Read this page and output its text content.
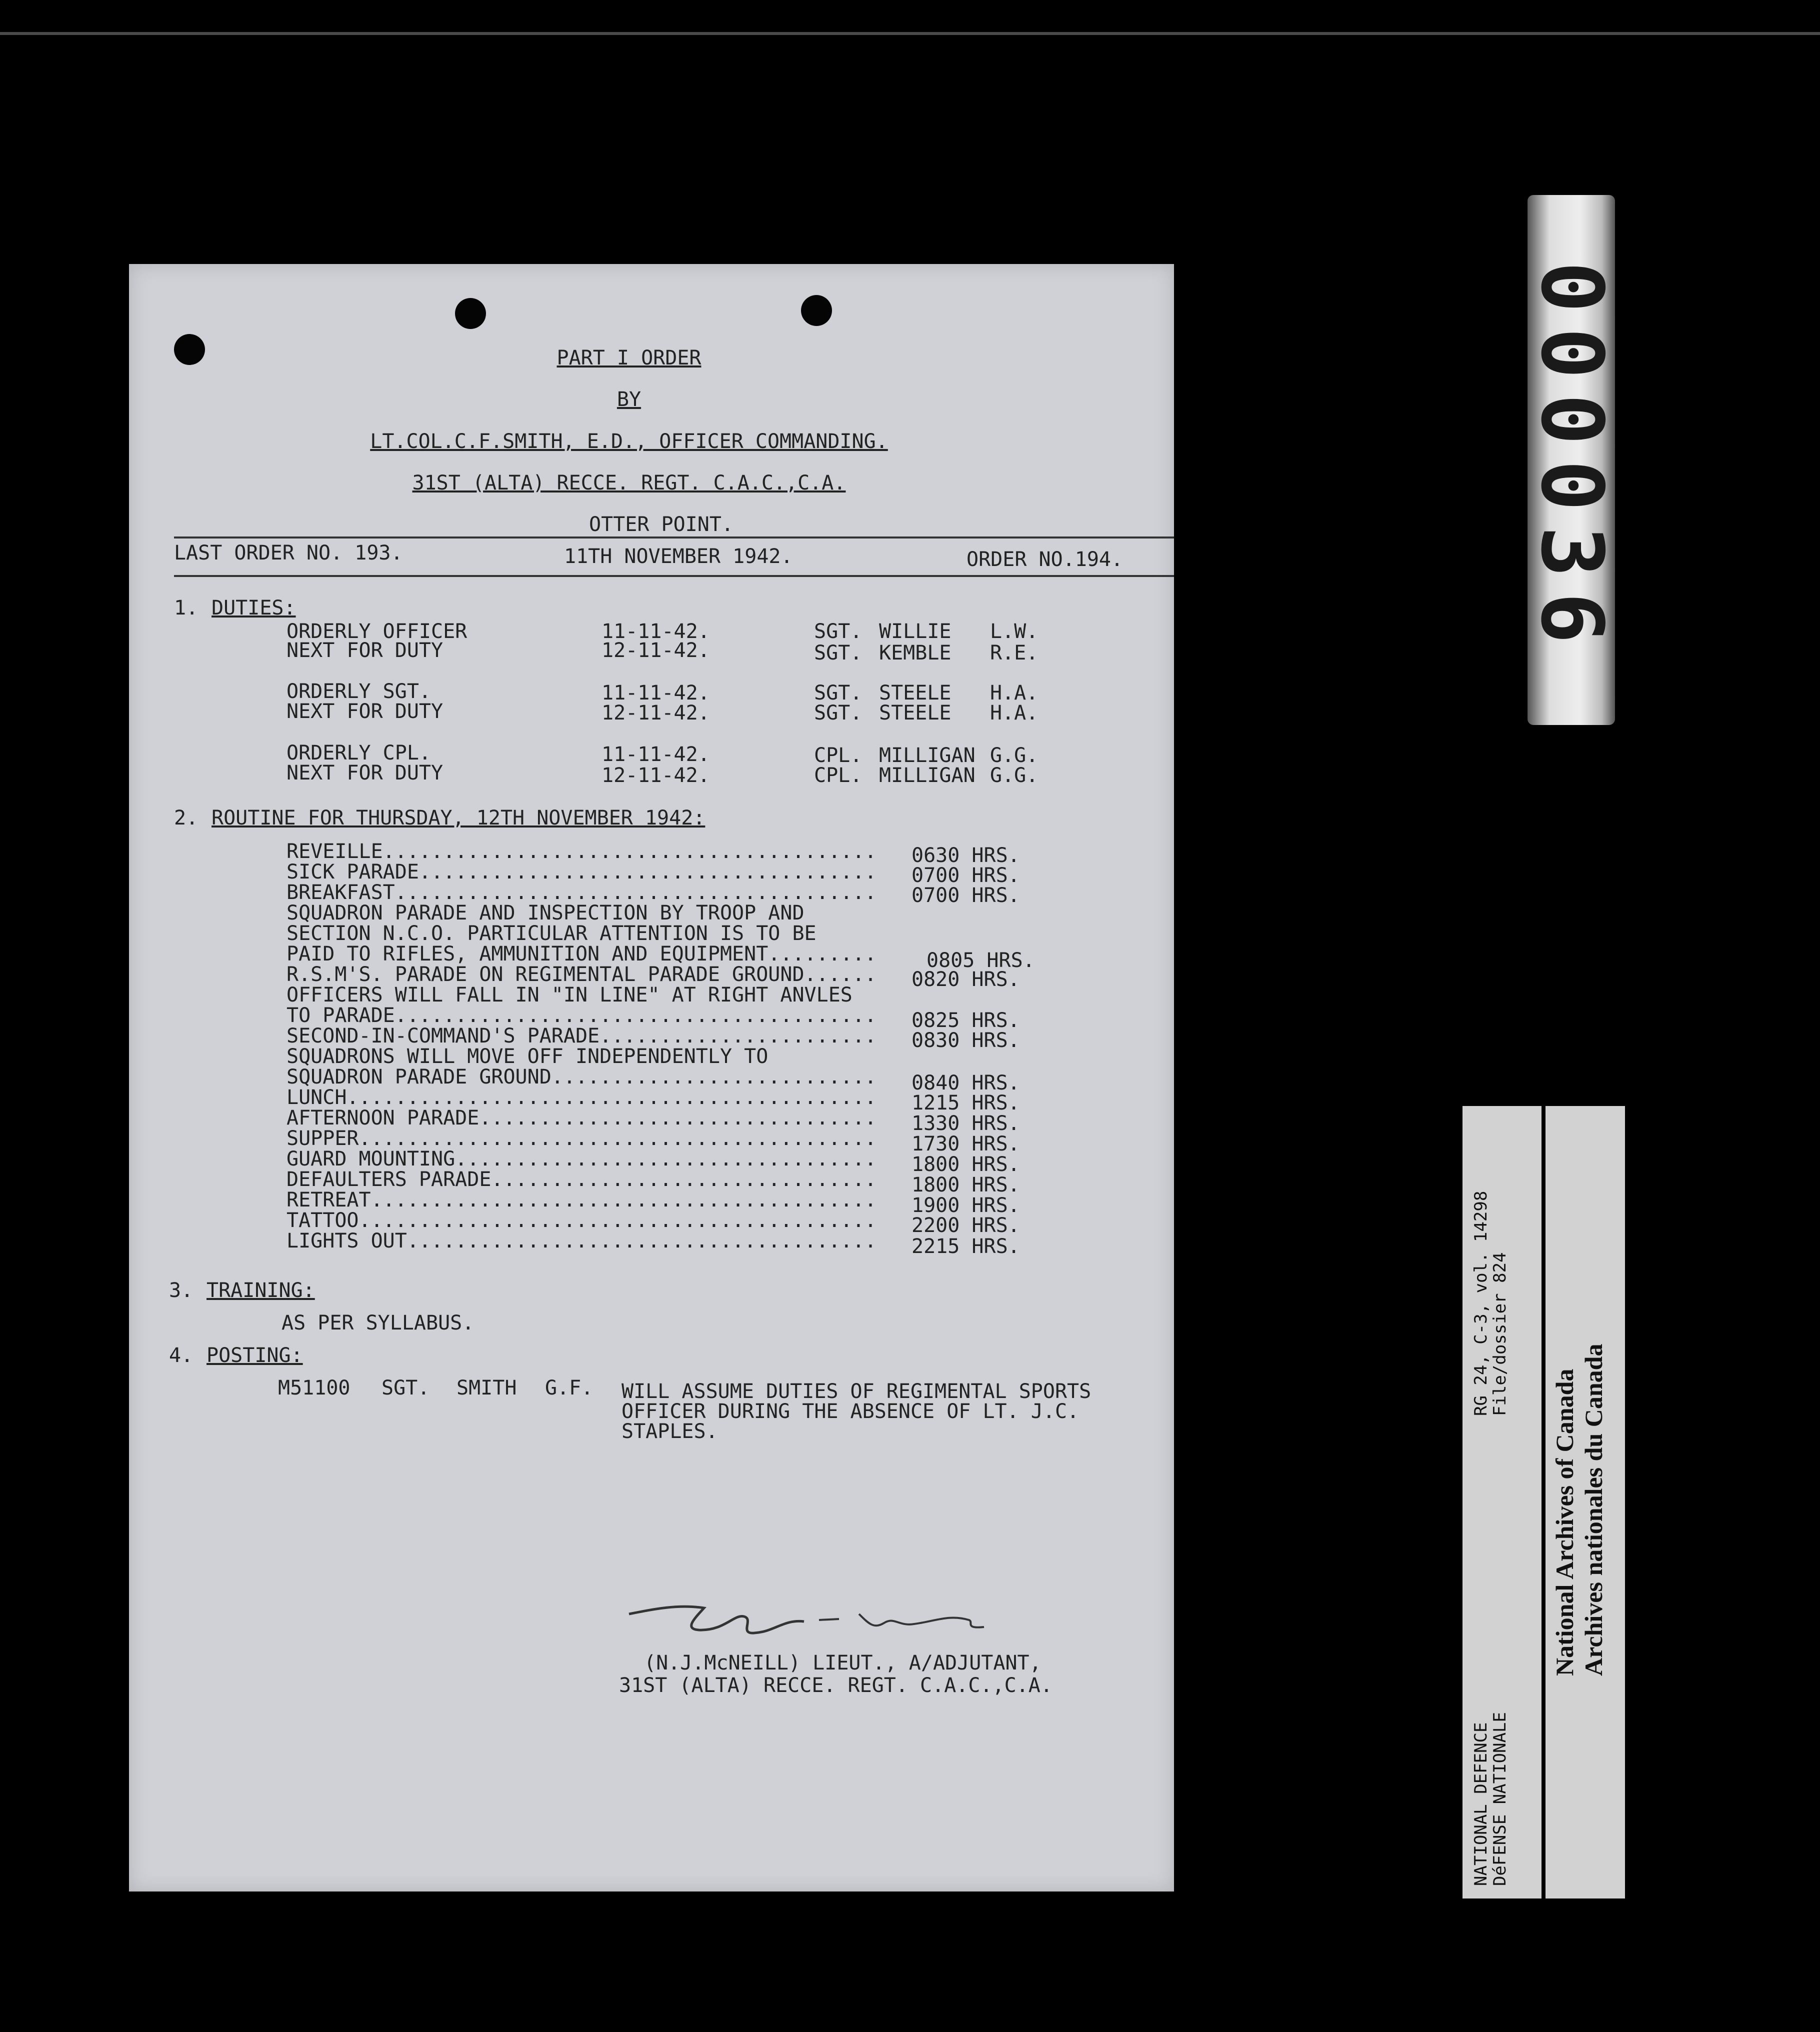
PART I ORDER
BY
LT.COL.C.F.SMITH, E.D., OFFICER COMMANDING.
31ST (ALTA) RECCE. REGT. C.A.C.,C.A.
OTTER POINT.
LAST ORDER NO. 193.	11TH NOVEMBER 1942.	ORDER NO.194.
1. DUTIES:
ORDERLY OFFICER	11-11-42.	SGT. WILLIE L.W.
NEXT FOR DUTY	12-11-42.	SGT. KEMBLE R.E.
ORDERLY SGT.	11-11-42.	SGT. STEELE H.A.
NEXT FOR DUTY	12-11-42.	SGT. STEELE H.A.
ORDERLY CPL.	11-11-42.	CPL. MILLIGAN G.G.
NEXT FOR DUTY	12-11-42.	CPL. MILLIGAN G.G.
2. ROUTINE FOR THURSDAY, 12TH NOVEMBER 1942:
REVEILLE......................................... 0630 HRS.
SICK PARADE...................................... 0700 HRS.
BREAKFAST........................................ 0700 HRS.
SQUADRON PARADE AND INSPECTION BY TROOP AND
SECTION N.C.O. PARTICULAR ATTENTION IS TO BE
PAID TO RIFLES, AMMUNITION AND EQUIPMENT......... 0805 HRS.
R.S.M'S. PARADE ON REGIMENTAL PARADE GROUND...... 0820 HRS.
OFFICERS WILL FALL IN "IN LINE" AT RIGHT ANVLES
TO PARADE........................................ 0825 HRS.
SECOND-IN-COMMAND'S PARADE....................... 0830 HRS.
SQUADRONS WILL MOVE OFF INDEPENDENTLY TO
SQUADRON PARADE GROUND........................... 0840 HRS.
LUNCH............................................ 1215 HRS.
AFTERNOON PARADE................................. 1330 HRS.
SUPPER........................................... 1730 HRS.
GUARD MOUNTING................................... 1800 HRS.
DEFAULTERS PARADE................................ 1800 HRS.
RETREAT.......................................... 1900 HRS.
TATTOO........................................... 2200 HRS.
LIGHTS OUT....................................... 2215 HRS.
3. TRAINING:
AS PER SYLLABUS.
4. POSTING:
M51100 SGT. SMITH G.F. WILL ASSUME DUTIES OF REGIMENTAL SPORTS
OFFICER DURING THE ABSENCE OF LT. J.C.
STAPLES.
(N.J.McNEILL) LIEUT., A/ADJUTANT,
31ST (ALTA) RECCE. REGT. C.A.C.,C.A.
000036
NATIONAL DEFENCE
DéFENSE NATIONALE
RG 24, C-3, vol. 14298
File/dossier 824
National Archives of Canada Archives nationales du Canada
